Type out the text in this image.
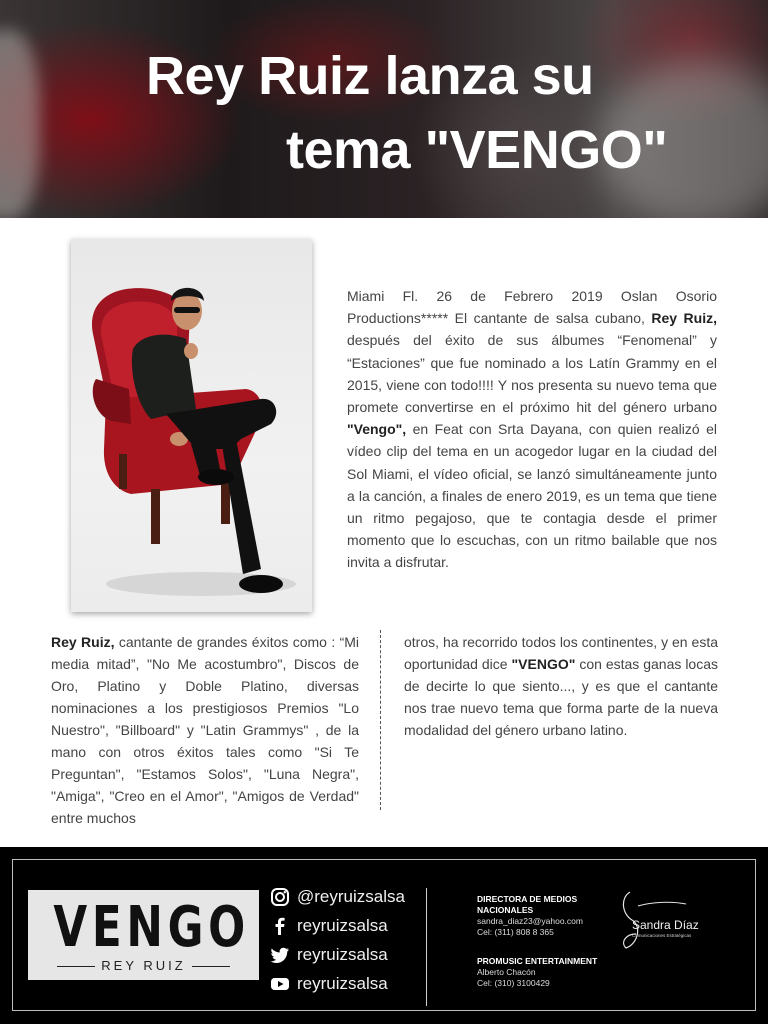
Rey Ruiz lanza su
tema "VENGO"

Miami Fl. 26 de Febrero 2019 Oslan Osorio Productions***** El cantante de salsa cubano, Rey Ruiz, después del éxito de sus álbumes “Fenomenal” y “Estaciones” que fue nominado a los Latín Grammy en el 2015, viene con todo!!!! Y nos presenta su nuevo tema que promete convertirse en el próximo hit del género urbano "Vengo", en Feat con Srta Dayana, con quien realizó el vídeo clip del tema en un acogedor lugar en la ciudad del Sol Miami, el vídeo oficial, se lanzó simultáneamente junto a la canción, a finales de enero 2019, es un tema que tiene un ritmo pegajoso, que te contagia desde el primer momento que lo escuchas, con un ritmo bailable que nos invita a disfrutar.

Rey Ruiz, cantante de grandes éxitos como : “Mi media mitad”, "No Me acostumbro", Discos de Oro, Platino y Doble Platino, diversas nominaciones a los prestigiosos Premios "Lo Nuestro", "Billboard" y "Latin Grammys" , de la mano con otros éxitos tales como "Si Te Preguntan", "Estamos Solos", "Luna Negra", "Amiga", "Creo en el Amor", "Amigos de Verdad" entre muchos

otros, ha recorrido todos los continentes, y en esta oportunidad dice "VENGO" con estas ganas locas de decirte lo que siento..., y es que el cantante nos trae nuevo tema que forma parte de la nueva modalidad del género urbano latino.

VENGO
REY RUIZ
@reyruizsalsa
reyruizsalsa
reyruizsalsa
reyruizsalsa
DIRECTORA DE MEDIOS
NACIONALES
sandra_diaz23@yahoo.com
Cel: (311) 808 8 365
PROMUSIC ENTERTAINMENT
Alberto Chacón
Cel: (310) 3100429
Sandra Díaz
Comunicaciones Estratégicas
